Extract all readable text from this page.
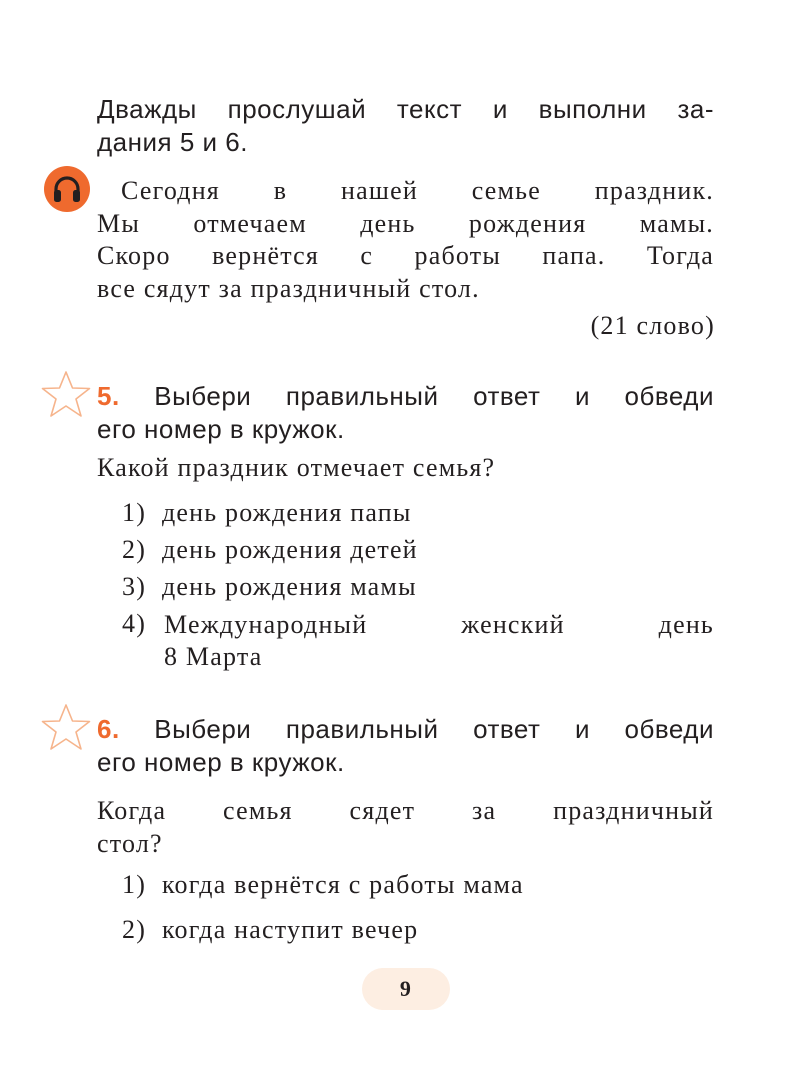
Дважды прослушай текст и выполни за-
дания 5 и 6.
Сегодня в нашей семье праздник.
Мы отмечаем день рождения мамы.
Скоро вернётся с работы папа. Тогда
все сядут за праздничный стол.
(21 слово)
5. Выбери правильный ответ и обведи
его номер в кружок.
Какой праздник отмечает семья?
1) день рождения папы
2) день рождения детей
3) день рождения мамы
4) Международный женский день
8 Марта
6. Выбери правильный ответ и обведи
его номер в кружок.
Когда семья сядет за праздничный
стол?
1) когда вернётся с работы мама
2) когда наступит вечер
9
